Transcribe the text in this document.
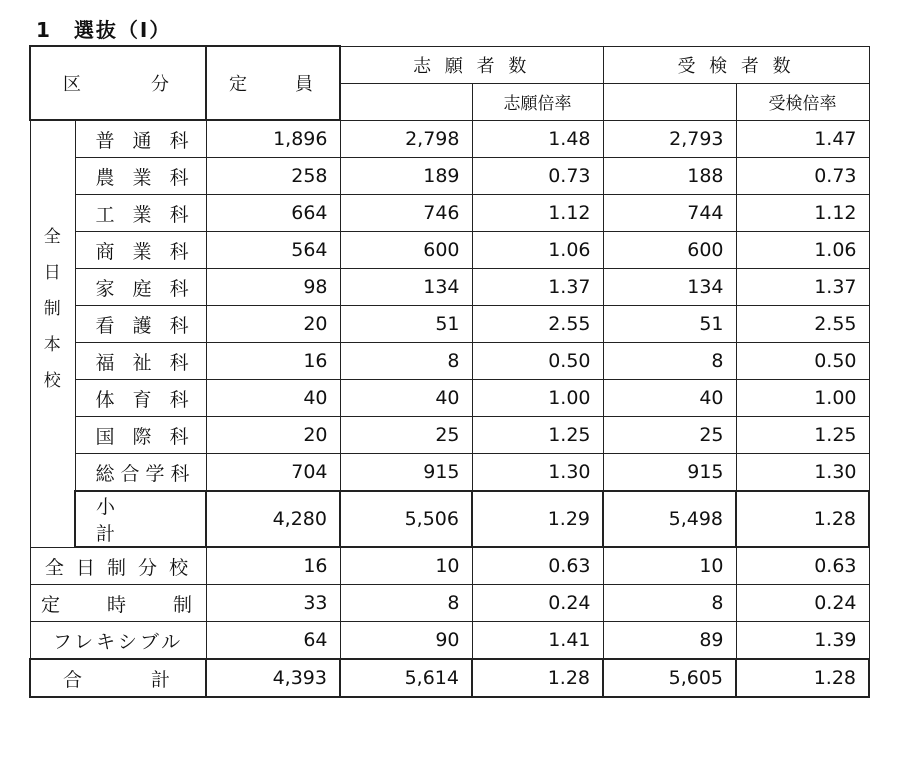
1 選抜（Ⅰ）
区　　　分		定　　員	志 願 者 数		受 検 者 数	
				志願倍率		受検倍率
全
日
制
本
校	普 通 科	1,896	2,798	1.48	2,793	1.47
	農 業 科	258	189	0.73	188	0.73
	工 業 科	664	746	1.12	744	1.12
	商 業 科	564	600	1.06	600	1.06
	家 庭 科	98	134	1.37	134	1.37
	看 護 科	20	51	2.55	51	2.55
	福 祉 科	16	8	0.50	8	0.50
	体 育 科	40	40	1.00	40	1.00
	国 際 科	20	25	1.25	25	1.25
	総合学科	704	915	1.30	915	1.30
	小　　　計	4,280	5,506	1.29	5,498	1.28
全 日 制 分 校		16	10	0.63	10	0.63
定　　時　　制		33	8	0.24	8	0.24
フレキシブル		64	90	1.41	89	1.39
合　　　計		4,393	5,614	1.28	5,605	1.28
